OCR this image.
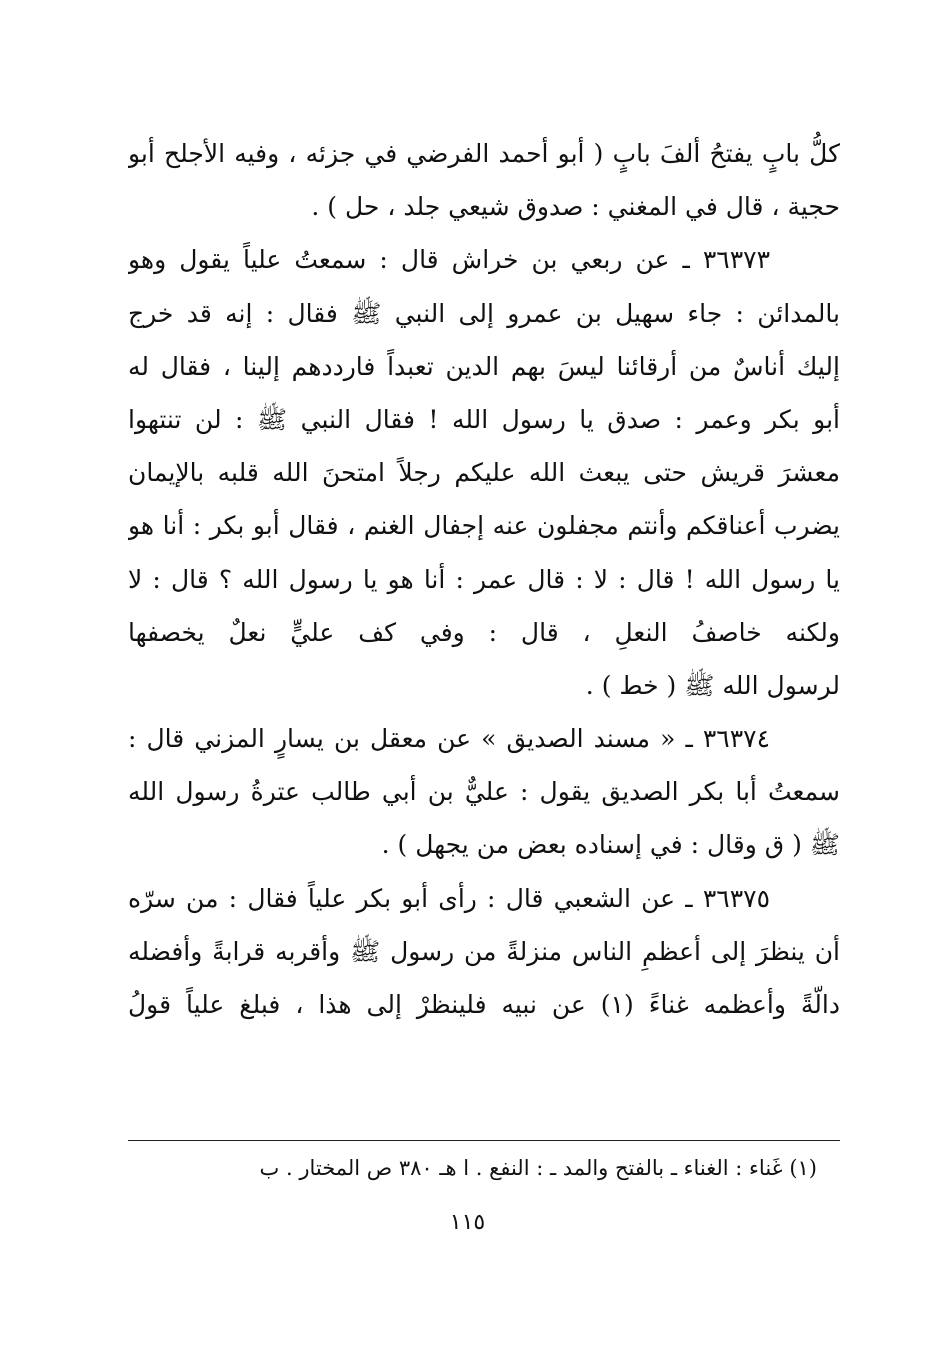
كلُّ بابٍ يفتحُ ألفَ بابٍ ( أبو أحمد الفرضي في جزئه ، وفيه الأجلح أبو
حجية ، قال في المغني : صدوق شيعي جلد ، حل ) .
٣٦٣٧٣ ـ عن ربعي بن خراش قال : سمعتُ علياً يقول وهو
بالمدائن : جاء سهيل بن عمرو إلى النبي ﷺ فقال : إنه قد خرج
إليك أناسٌ من أرقائنا ليسَ بهم الدين تعبداً فارددهم إلينا ، فقال له
أبو بكر وعمر : صدق يا رسول الله ! فقال النبي ﷺ : لن تنتهوا
معشرَ قريش حتى يبعث الله عليكم رجلاً امتحنَ الله قلبه بالإيمان
يضرب أعناقكم وأنتم مجفلون عنه إجفال الغنم ، فقال أبو بكر : أنا هو
يا رسول الله ! قال : لا : قال عمر : أنا هو يا رسول الله ؟ قال : لا
ولكنه خاصفُ النعلِ ، قال : وفي كف عليٍّ نعلٌ يخصفها
لرسول الله ﷺ ( خط ) .
٣٦٣٧٤ ـ « مسند الصديق » عن معقل بن يسارٍ المزني قال :
سمعتُ أبا بكر الصديق يقول : عليٌّ بن أبي طالب عترةُ رسول الله
ﷺ ( ق وقال : في إسناده بعض من يجهل ) .
٣٦٣٧٥ ـ عن الشعبي قال : رأى أبو بكر علياً فقال : من سرّه
أن ينظرَ إلى أعظمِ الناس منزلةً من رسول ﷺ وأقربه قرابةً وأفضله
دالّةً وأعظمه غناءً (١) عن نبيه فلينظرْ إلى هذا ، فبلغ علياً قولُ
(١) غَناء : الغناء ـ بالفتح والمد ـ : النفع . ا هـ ٣٨٠ ص المختار . ب
١١٥
